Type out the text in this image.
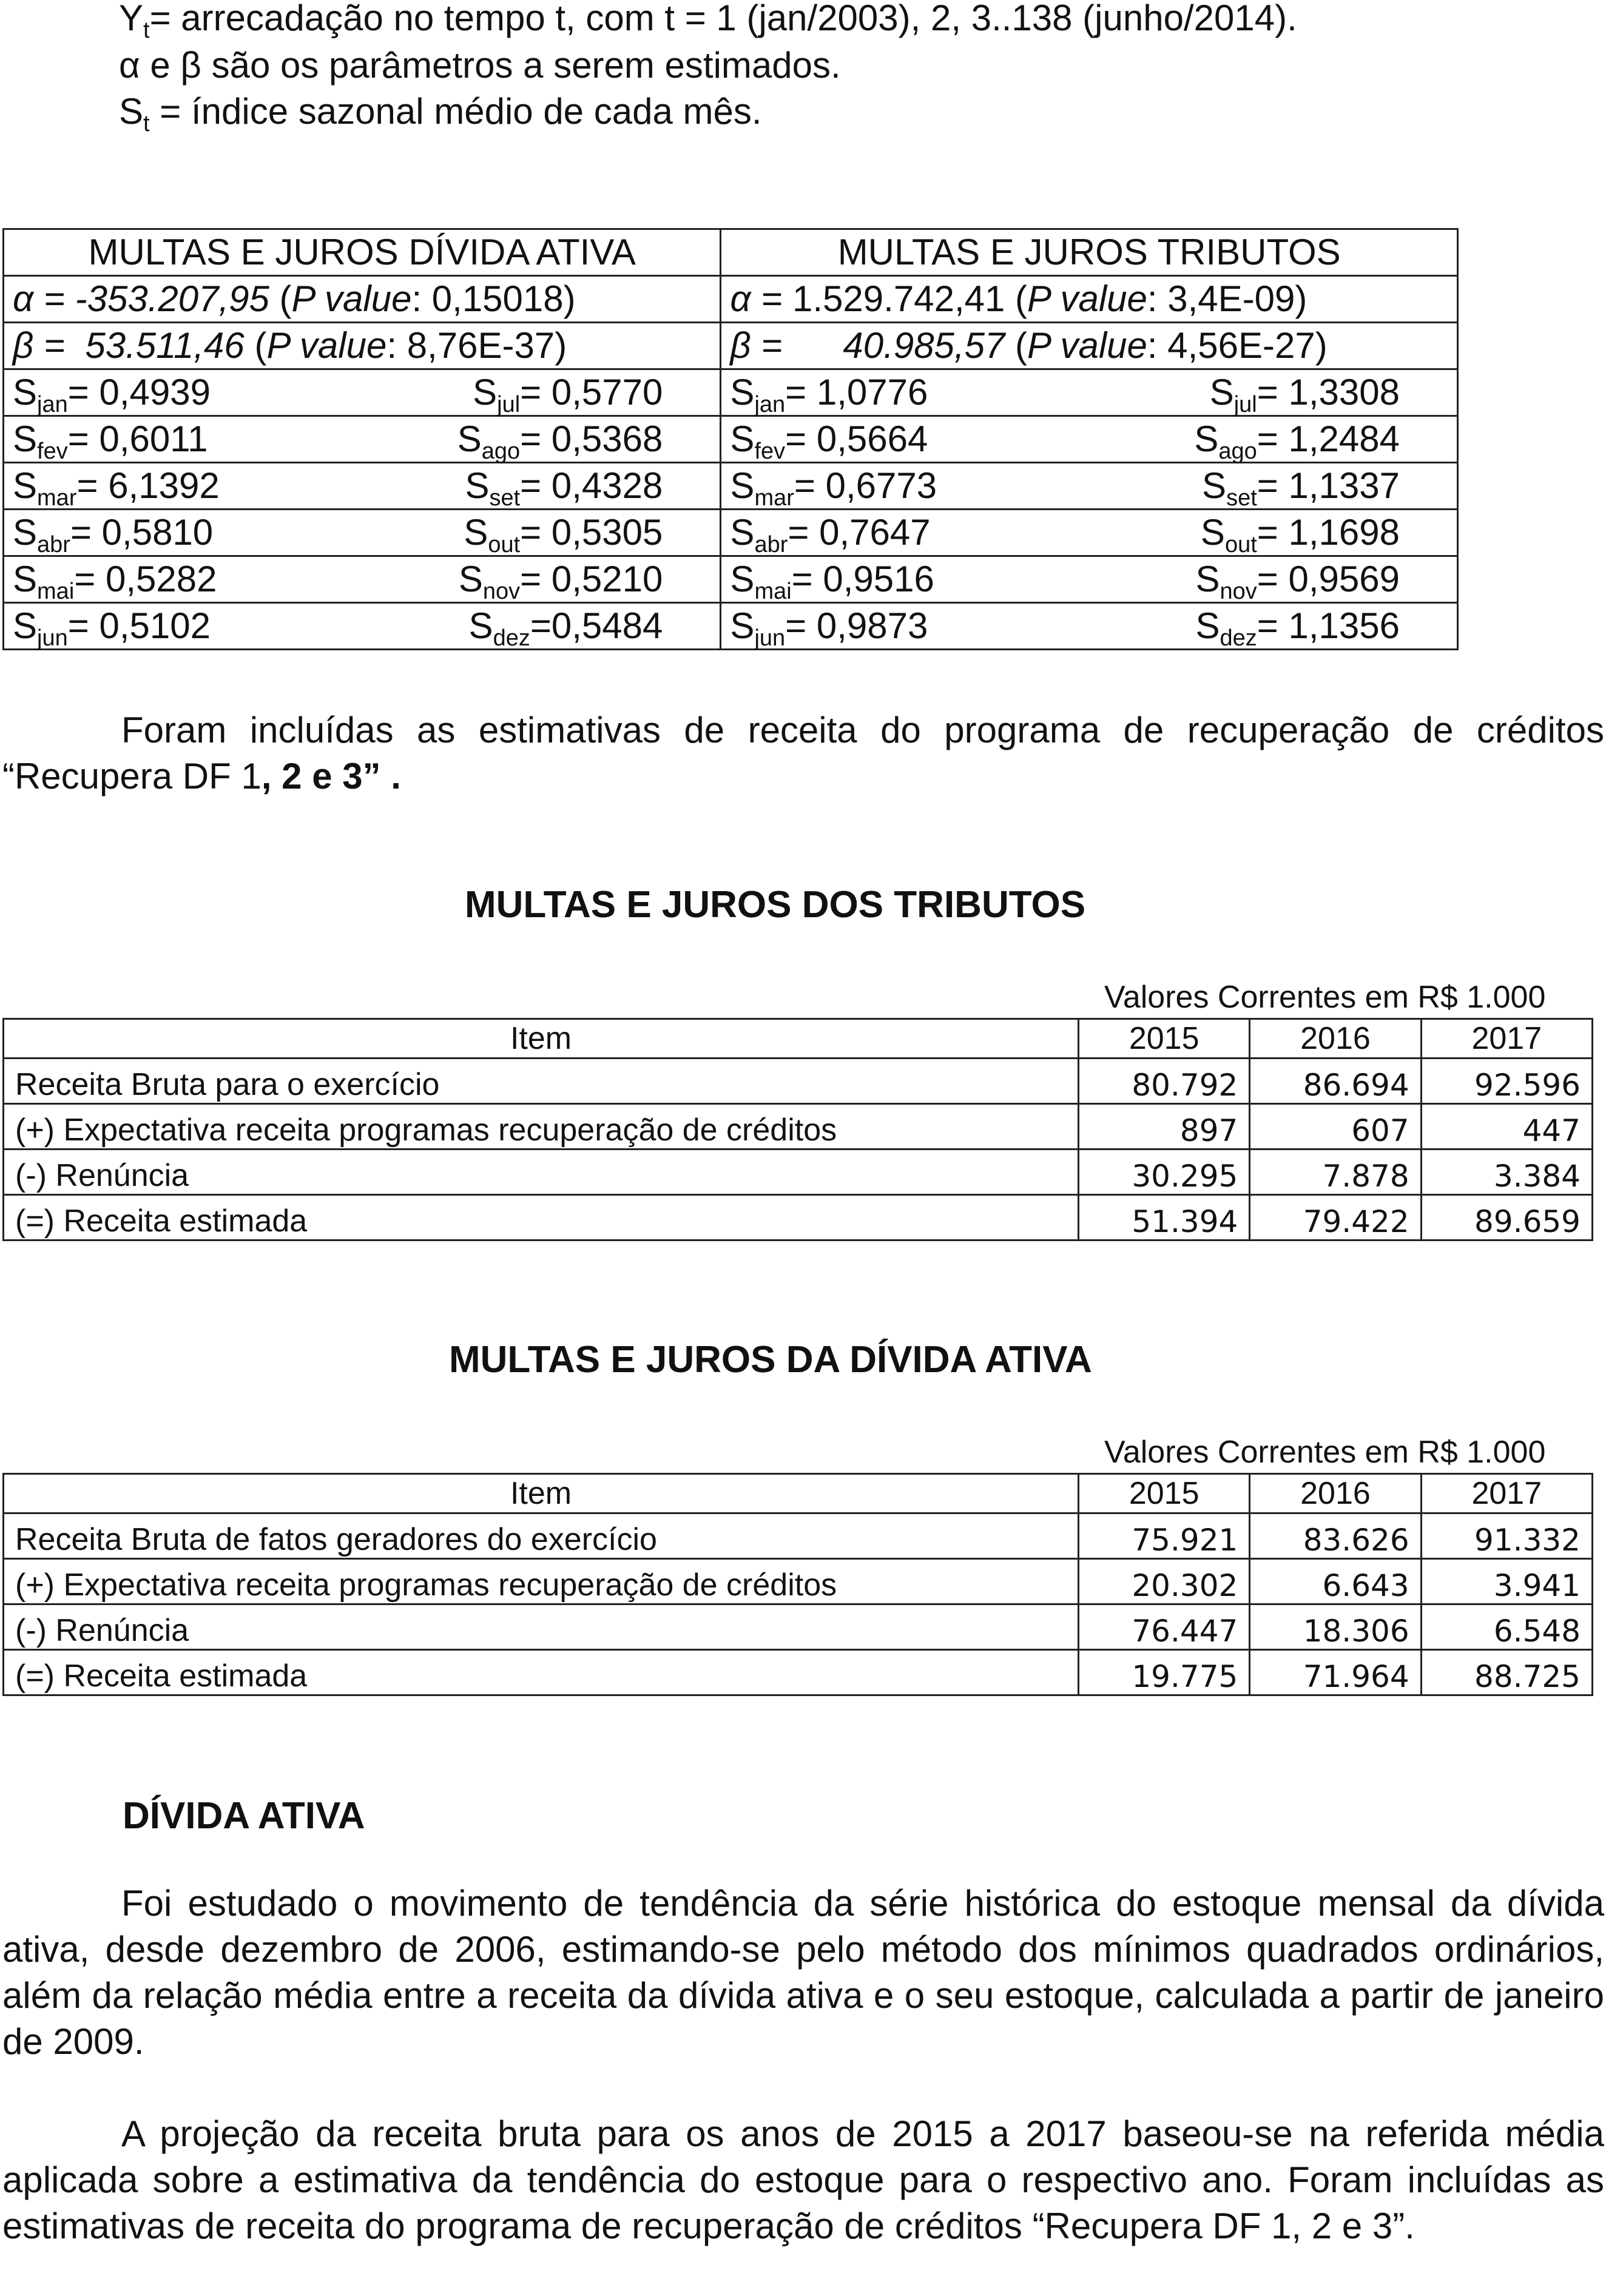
$Y_t=$ arrecadação no tempo t, com t = 1 (jan/2003), 2, 3..138 (junho/2014).
α e β são os parâmetros a serem estimados.
$S_t$ = índice sazonal médio de cada mês.
MULTAS E JUROS DÍVIDA ATIVA	MULTAS E JUROS TRIBUTOS
α = -353.207,95 (P value: 0,15018)	α = 1.529.742,41 (P value: 3,4E-09)
β =  53.511,46 (P value: 8,76E-37)	β =      40.985,57 (P value: 4,56E-27)

$S_{jan}= 0,4939$ $S_{jul}= 0,5770$	$S_{jan}= 1,0776$ $S_{jul}= 1,3308$

$S_{fev}= 0,6011$ $S_{ago}= 0,5368$	$S_{fev}= 0,5664$ $S_{ago}= 1,2484$

$S_{mar}= 6,1392$ $S_{set}= 0,4328$	$S_{mar}= 0,6773$ $S_{set}= 1,1337$

$S_{abr}= 0,5810$ $S_{out}= 0,5305$	$S_{abr}= 0,7647$ $S_{out}= 1,1698$

$S_{mai}= 0,5282$ $S_{nov}= 0,5210$	$S_{mai}= 0,9516$ $S_{nov}= 0,9569$

$S_{jun}= 0,5102$ $S_{dez}=0,5484$	$S_{jun}= 0,9873$ $S_{dez}= 1,1356$

Foram incluídas as estimativas de receita do programa de recuperação de créditos “Recupera DF 1, 2 e 3” .

MULTAS E JUROS DOS TRIBUTOS
Valores Correntes em R$ 1.000
Item	2015	2016	2017
Receita Bruta para o exercício	80.792	86.694	92.596
(+) Expectativa receita programas recuperação de créditos	897	607	447
(-) Renúncia	30.295	7.878	3.384
(=) Receita estimada	51.394	79.422	89.659
MULTAS E JUROS DA DÍVIDA ATIVA
Valores Correntes em R$ 1.000
Item	2015	2016	2017
Receita Bruta de fatos geradores do exercício	75.921	83.626	91.332
(+) Expectativa receita programas recuperação de créditos	20.302	6.643	3.941
(-) Renúncia	76.447	18.306	6.548
(=) Receita estimada	19.775	71.964	88.725
DÍVIDA ATIVA

Foi estudado o movimento de tendência da série histórica do estoque mensal da dívida ativa, desde dezembro de 2006, estimando-se pelo método dos mínimos quadrados ordinários, além da relação média entre a receita da dívida ativa e o seu estoque, calculada a partir de janeiro de 2009.

A projeção da receita bruta para os anos de 2015 a 2017 baseou-se na referida média aplicada sobre a estimativa da tendência do estoque para o respectivo ano. Foram incluídas as estimativas de receita do programa de recuperação de créditos “Recupera DF 1, 2 e 3”.
